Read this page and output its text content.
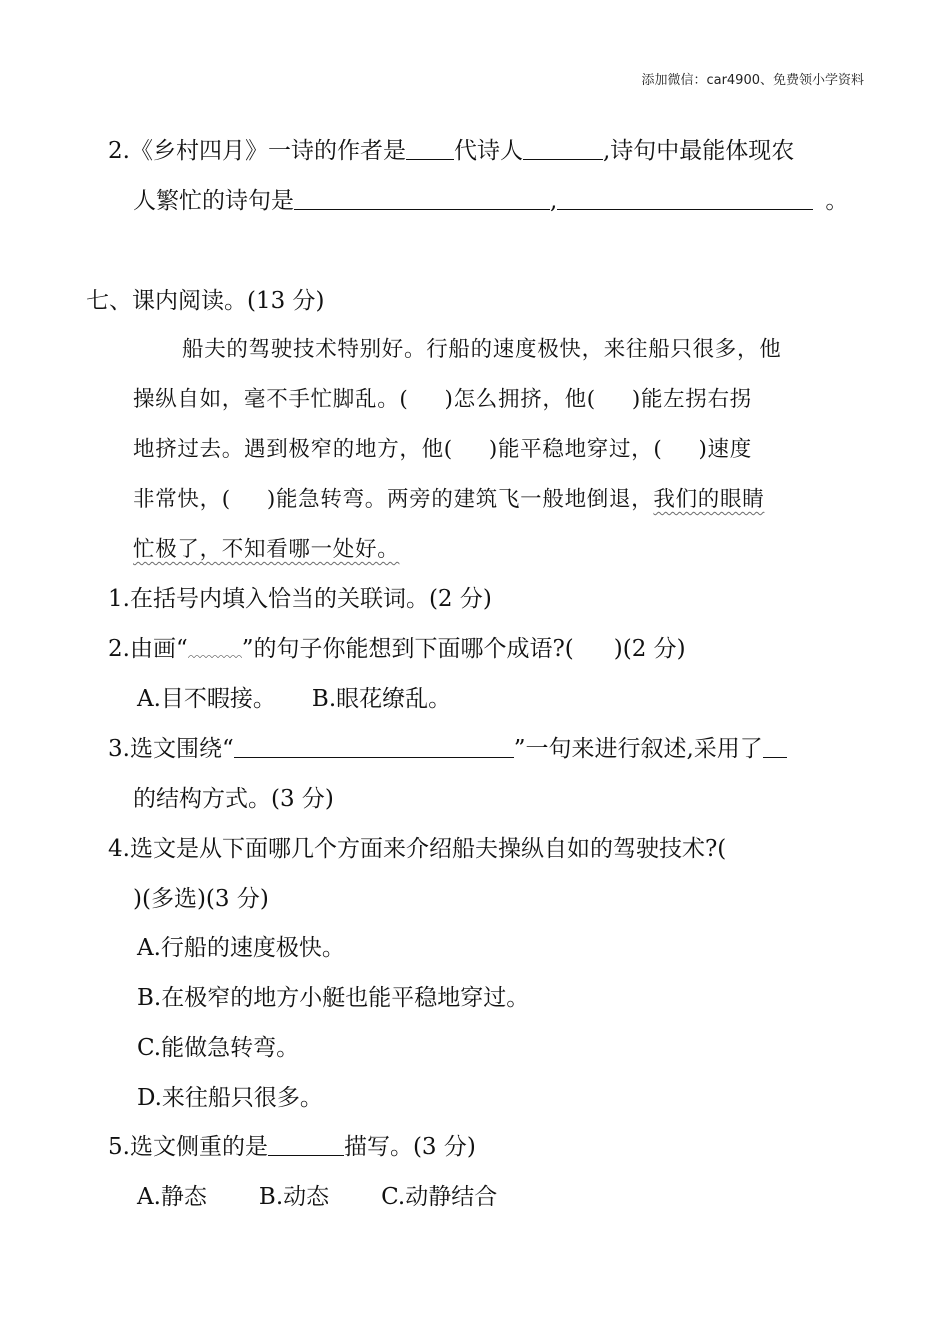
添加微信：car4900、免费领小学资料
2.《乡村四月》一诗的作者是 代诗人	,诗句中最能体现农
人繁忙的诗句是	,	。
七、课内阅读。(13 分)
船夫的驾驶技术特别好。行船的速度极快，来往船只很多，他
操纵自如，毫不手忙脚乱。( )怎么拥挤，他( )能左拐右拐
地挤过去。遇到极窄的地方，他( )能平稳地穿过，( )速度
非常快，( )能急转弯。两旁的建筑飞一般地倒退，我们的眼睛
忙极了，不知看哪一处好。
1.在括号内填入恰当的关联词。(2 分)
2.由画“ ”的句子你能想到下面哪个成语?( )(2 分)
A.目不暇接。 B.眼花缭乱。
3.选文围绕“	”一句来进行叙述,采用了
的结构方式。(3 分)
4.选文是从下面哪几个方面来介绍船夫操纵自如的驾驶技术?(
)(多选)(3 分)
A.行船的速度极快。
B.在极窄的地方小艇也能平稳地穿过。
C.能做急转弯。
D.来往船只很多。
5.选文侧重的是	描写。(3 分)
A.静态 B.动态 C.动静结合
